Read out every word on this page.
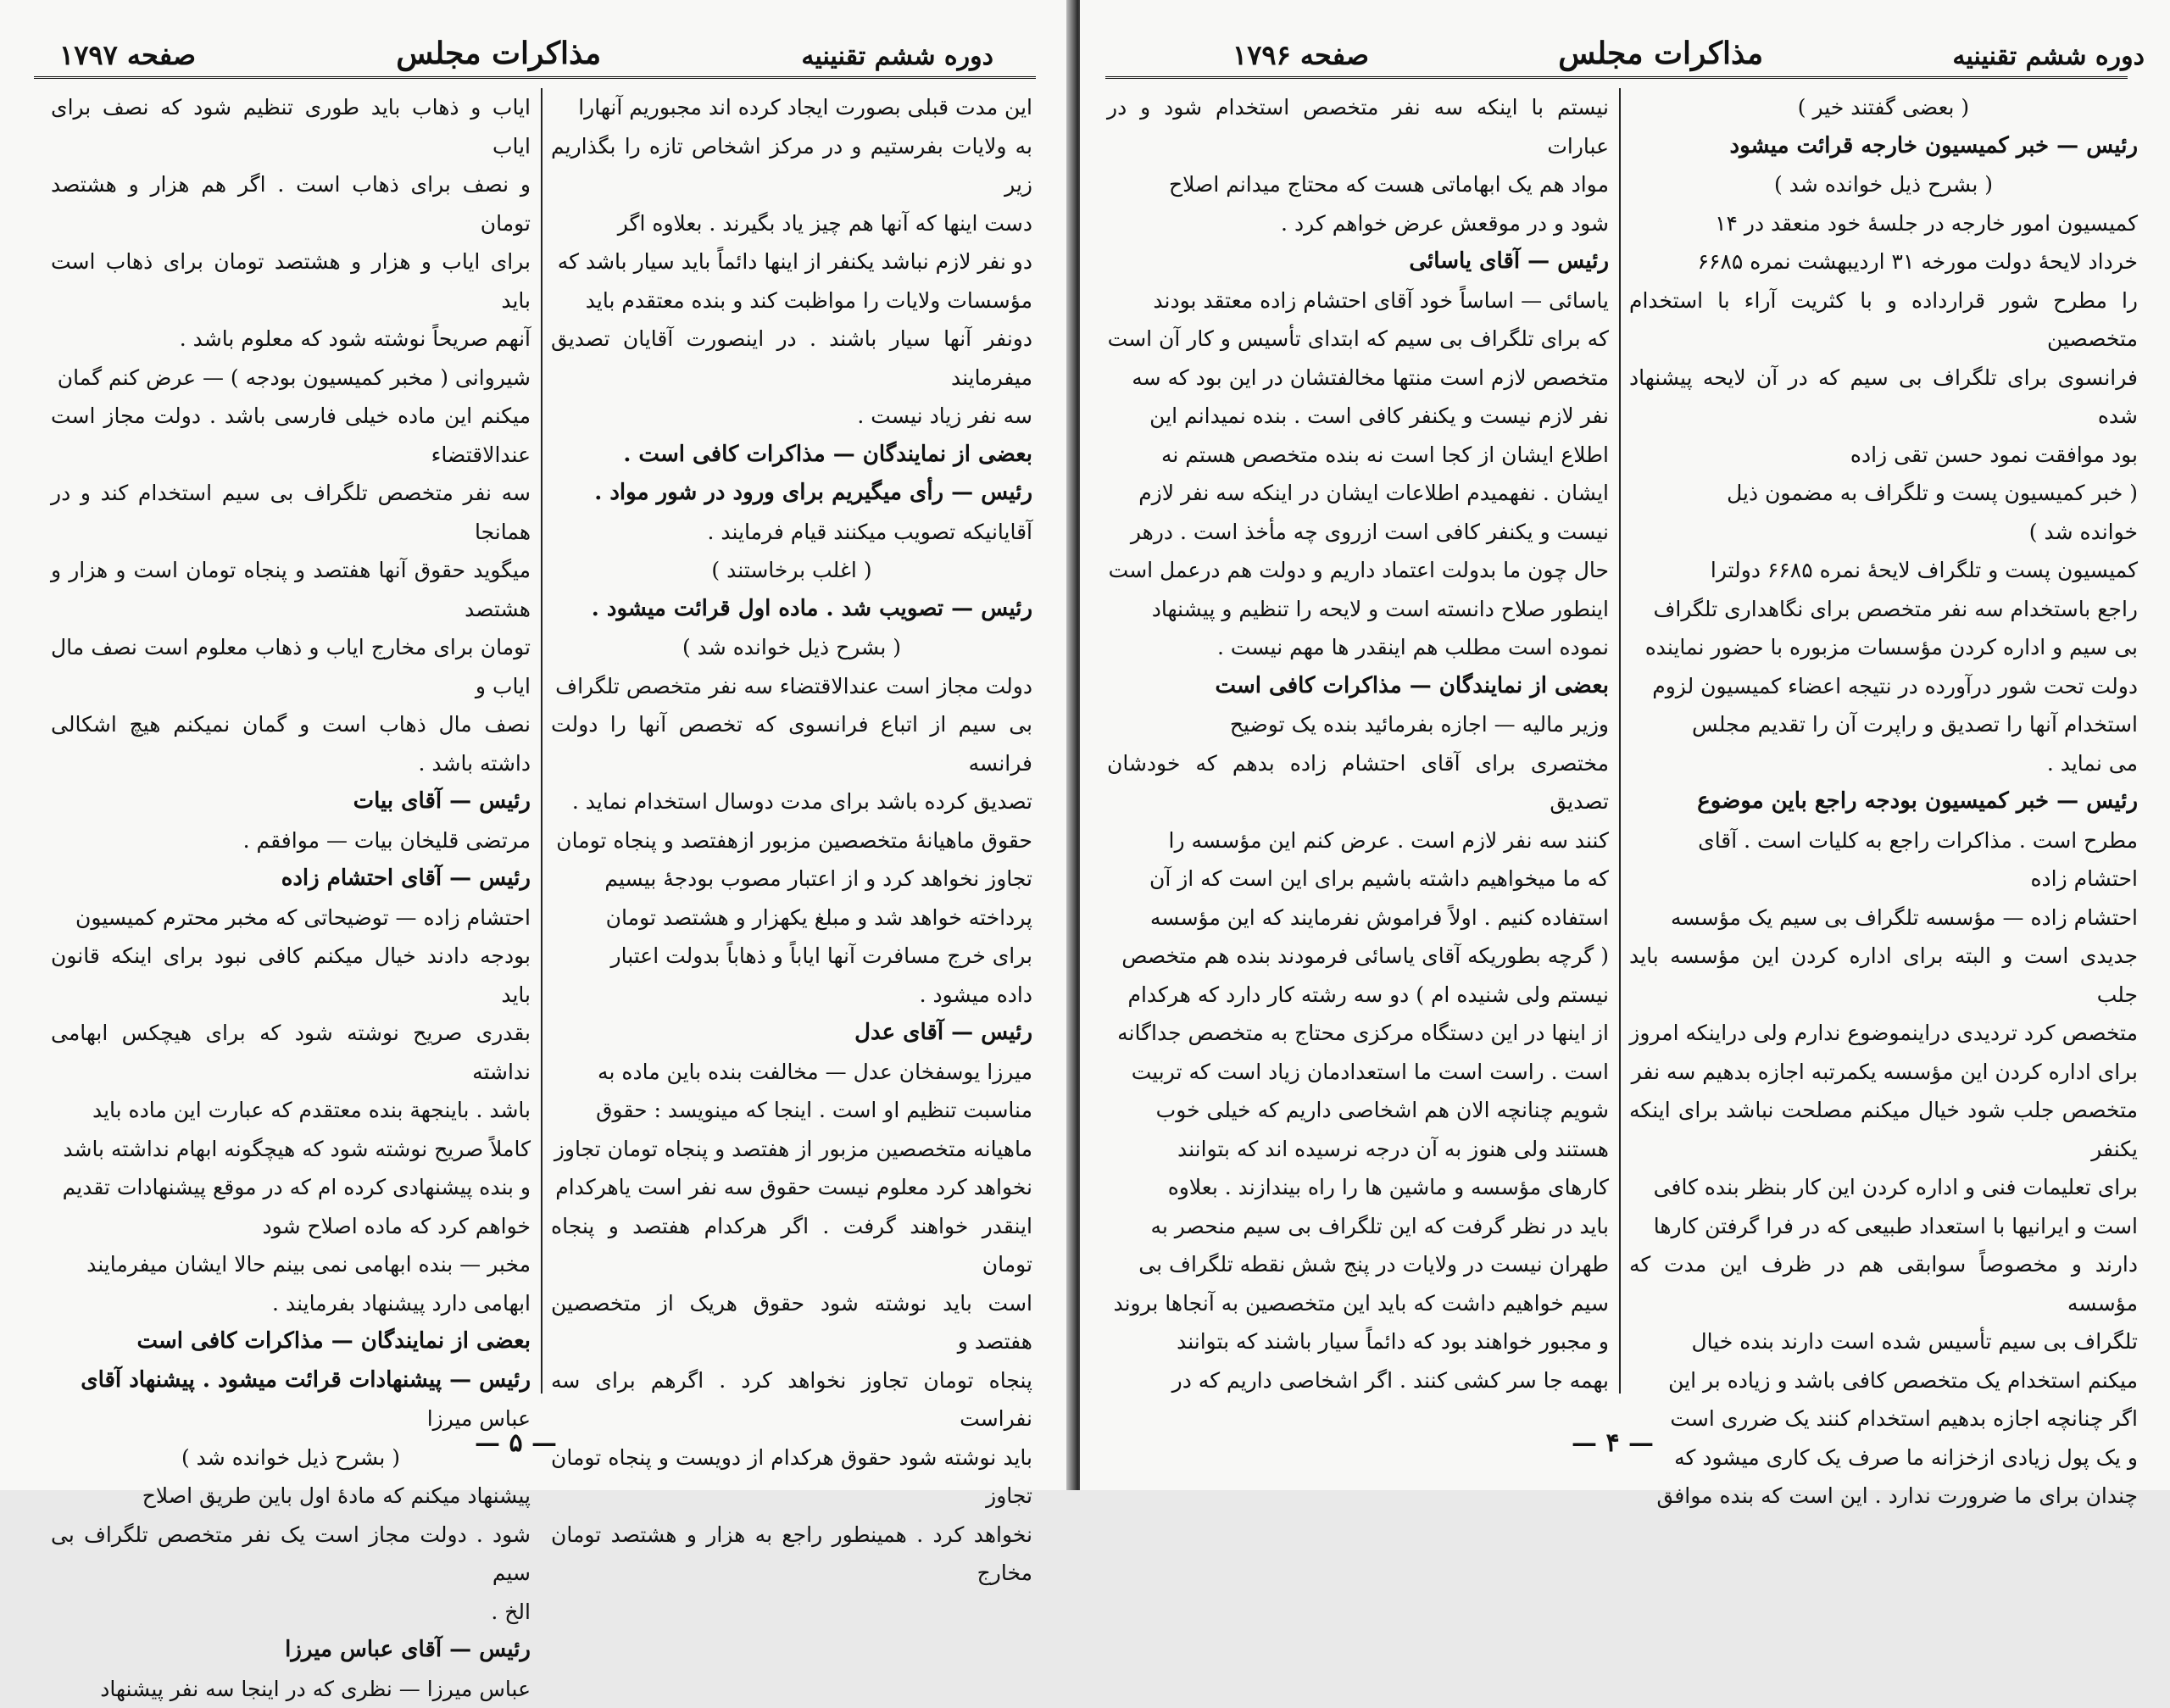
دوره ششم تقنینیه
مذاکرات مجلس
صفحه ۱۷۹۷

این مدت قبلی بصورت ایجاد کرده اند مجبوریم آنهارا

به ولایات بفرستیم و در مرکز اشخاص تازه را بگذاریم زیر

دست اینها که آنها هم چیز یاد بگیرند . بعلاوه اگر

دو نفر لازم نباشد یکنفر از اینها دائماً باید سیار باشد که

مؤسسات ولایات را مواظبت کند و بنده معتقدم باید

دونفر آنها سیار باشند . در اینصورت آقایان تصدیق میفرمایند

سه نفر زیاد نیست .

بعضی از نمایندگان — مذاکرات کافی است .

رئیس — رأی میگیریم برای ورود در شور مواد .

آقایانیکه تصویب میکنند قیام فرمایند .

( اغلب برخاستند )

رئیس — تصویب شد . ماده اول قرائت میشود .

( بشرح ذیل خوانده شد )

دولت مجاز است عندالاقتضاء سه نفر متخصص تلگراف

بی سیم از اتباع فرانسوی که تخصص آنها را دولت فرانسه

تصدیق کرده باشد برای مدت دوسال استخدام نماید .

حقوق ماهیانهٔ متخصصین مزبور ازهفتصد و پنجاه تومان

تجاوز نخواهد کرد و از اعتبار مصوب بودجهٔ بیسیم

پرداخته خواهد شد و مبلغ یکهزار و هشتصد تومان

برای خرج مسافرت آنها ایاباً و ذهاباً بدولت اعتبار

داده میشود .

رئیس — آقای عدل

میرزا یوسفخان عدل — مخالفت بنده باین ماده به

مناسبت تنظیم او است . اینجا که مینویسد : حقوق

ماهیانه متخصصین مزبور از هفتصد و پنجاه تومان تجاوز

نخواهد کرد معلوم نیست حقوق سه نفر است یاهرکدام

اینقدر خواهند گرفت . اگر هرکدام هفتصد و پنجاه تومان

است باید نوشته شود حقوق هریک از متخصصین هفتصد و

پنجاه تومان تجاوز نخواهد کرد . اگرهم برای سه نفراست

باید نوشته شود حقوق هرکدام از دویست و پنجاه تومان تجاوز

نخواهد کرد . همینطور راجع به هزار و هشتصد تومان مخارج

ایاب و ذهاب باید طوری تنظیم شود که نصف برای ایاب

و نصف برای ذهاب است . اگر هم هزار و هشتصد تومان

برای ایاب و هزار و هشتصد تومان برای ذهاب است باید

آنهم صریحاً نوشته شود که معلوم باشد .

شیروانی ( مخبر کمیسیون بودجه ) — عرض کنم گمان

میکنم این ماده خیلی فارسی باشد . دولت مجاز است عندالاقتضاء

سه نفر متخصص تلگراف بی سیم استخدام کند و در همانجا

میگوید حقوق آنها هفتصد و پنجاه تومان است و هزار و هشتصد

تومان برای مخارج ایاب و ذهاب معلوم است نصف مال ایاب و

نصف مال ذهاب است و گمان نمیکنم هیچ اشکالی داشته باشد .

رئیس — آقای بیات

مرتضی قلیخان بیات — موافقم .

رئیس — آقای احتشام زاده

احتشام زاده — توضیحاتی که مخبر محترم کمیسیون

بودجه دادند خیال میکنم کافی نبود برای اینکه قانون باید

بقدری صریح نوشته شود که برای هیچکس ابهامی نداشته

باشد . باینجهة بنده معتقدم که عبارت این ماده باید

کاملاً صریح نوشته شود که هیچگونه ابهام نداشته باشد

و بنده پیشنهادی کرده ام که در موقع پیشنهادات تقدیم

خواهم کرد که ماده اصلاح شود

مخبر — بنده ابهامی نمی بینم حالا ایشان میفرمایند

ابهامی دارد پیشنهاد بفرمایند .

بعضی از نمایندگان — مذاکرات کافی است

رئیس — پیشنهادات قرائت میشود . پیشنهاد آقای

عباس میرزا

( بشرح ذیل خوانده شد )

پیشنهاد میکنم که مادهٔ اول باین طریق اصلاح

شود . دولت مجاز است یک نفر متخصص تلگراف بی سیم

الخ .

رئیس — آقای عباس میرزا

عباس میرزا — نظری که در اینجا سه نفر پیشنهاد

— ۵ —
دوره ششم تقنینیه
مذاکرات مجلس
صفحه ۱۷۹۶

( بعضی گفتند خیر )

رئیس — خبر کمیسیون خارجه قرائت میشود

( بشرح ذیل خوانده شد )

کمیسیون امور خارجه در جلسهٔ خود منعقد در ۱۴

خرداد لایحهٔ دولت مورخه ۳۱ اردیبهشت نمره ۶۶۸۵

را مطرح شور قرارداده و با کثریت آراء با استخدام متخصصین

فرانسوی برای تلگراف بی سیم که در آن لایحه پیشنهاد شده

بود موافقت نمود حسن تقی زاده

( خبر کمیسیون پست و تلگراف به مضمون ذیل

خوانده شد )

کمیسیون پست و تلگراف لایحهٔ نمره ۶۶۸۵ دولترا

راجع باستخدام سه نفر متخصص برای نگاهداری تلگراف

بی سیم و اداره کردن مؤسسات مزبوره با حضور نماینده

دولت تحت شور درآورده در نتیجه اعضاء کمیسیون لزوم

استخدام آنها را تصدیق و راپرت آن را تقدیم مجلس

می نماید .

رئیس — خبر کمیسیون بودجه راجع باین موضوع

مطرح است . مذاکرات راجع به کلیات است . آقای

احتشام زاده

احتشام زاده — مؤسسه تلگراف بی سیم یک مؤسسه

جدیدی است و البته برای اداره کردن این مؤسسه باید جلب

متخصص کرد تردیدی دراینموضوع ندارم ولی دراینکه امروز

برای اداره کردن این مؤسسه یکمرتبه اجازه بدهیم سه نفر

متخصص جلب شود خیال میکنم مصلحت نباشد برای اینکه یکنفر

برای تعلیمات فنی و اداره کردن این کار بنظر بنده کافی

است و ایرانیها با استعداد طبیعی که در فرا گرفتن کارها

دارند و مخصوصاً سوابقی هم در ظرف این مدت که مؤسسه

تلگراف بی سیم تأسیس شده است دارند بنده خیال

میکنم استخدام یک متخصص کافی باشد و زیاده بر این

اگر چنانچه اجازه بدهیم استخدام کنند یک ضرری است

و یک پول زیادی ازخزانه ما صرف یک کاری میشود که

چندان برای ما ضرورت ندارد . این است که بنده موافق

نیستم با اینکه سه نفر متخصص استخدام شود و در عبارات

مواد هم یک ابهاماتی هست که محتاج میدانم اصلاح

شود و در موقعش عرض خواهم کرد .

رئیس — آقای یاسائی

یاسائی — اساساً خود آقای احتشام زاده معتقد بودند

که برای تلگراف بی سیم که ابتدای تأسیس و کار آن است

متخصص لازم است منتها مخالفتشان در این بود که سه

نفر لازم نیست و یکنفر کافی است . بنده نمیدانم این

اطلاع ایشان از کجا است نه بنده متخصص هستم نه

ایشان . نفهمیدم اطلاعات ایشان در اینکه سه نفر لازم

نیست و یکنفر کافی است ازروی چه مأخذ است . درهر

حال چون ما بدولت اعتماد داریم و دولت هم درعمل است

اینطور صلاح دانسته است و لایحه را تنظیم و پیشنهاد

نموده است مطلب هم اینقدر ها مهم نیست .

بعضی از نمایندگان — مذاکرات کافی است

وزیر مالیه — اجازه بفرمائید بنده یک توضیح

مختصری برای آقای احتشام زاده بدهم که خودشان تصدیق

کنند سه نفر لازم است . عرض کنم این مؤسسه را

که ما میخواهیم داشته باشیم برای این است که از آن

استفاده کنیم . اولاً فراموش نفرمایند که این مؤسسه

( گرچه بطوریکه آقای یاسائی فرمودند بنده هم متخصص

نیستم ولی شنیده ام ) دو سه رشته کار دارد که هرکدام

از اینها در این دستگاه مرکزی محتاج به متخصص جداگانه

است . راست است ما استعدادمان زیاد است که تربیت

شویم چنانچه الان هم اشخاصی داریم که خیلی خوب

هستند ولی هنوز به آن درجه نرسیده اند که بتوانند

کارهای مؤسسه و ماشین ها را راه بیندازند . بعلاوه

باید در نظر گرفت که این تلگراف بی سیم منحصر به

طهران نیست در ولایات در پنج شش نقطه تلگراف بی

سیم خواهیم داشت که باید این متخصصین به آنجاها بروند

و مجبور خواهند بود که دائماً سیار باشند که بتوانند

بهمه جا سر کشی کنند . اگر اشخاصی داریم که در

— ۴ —
